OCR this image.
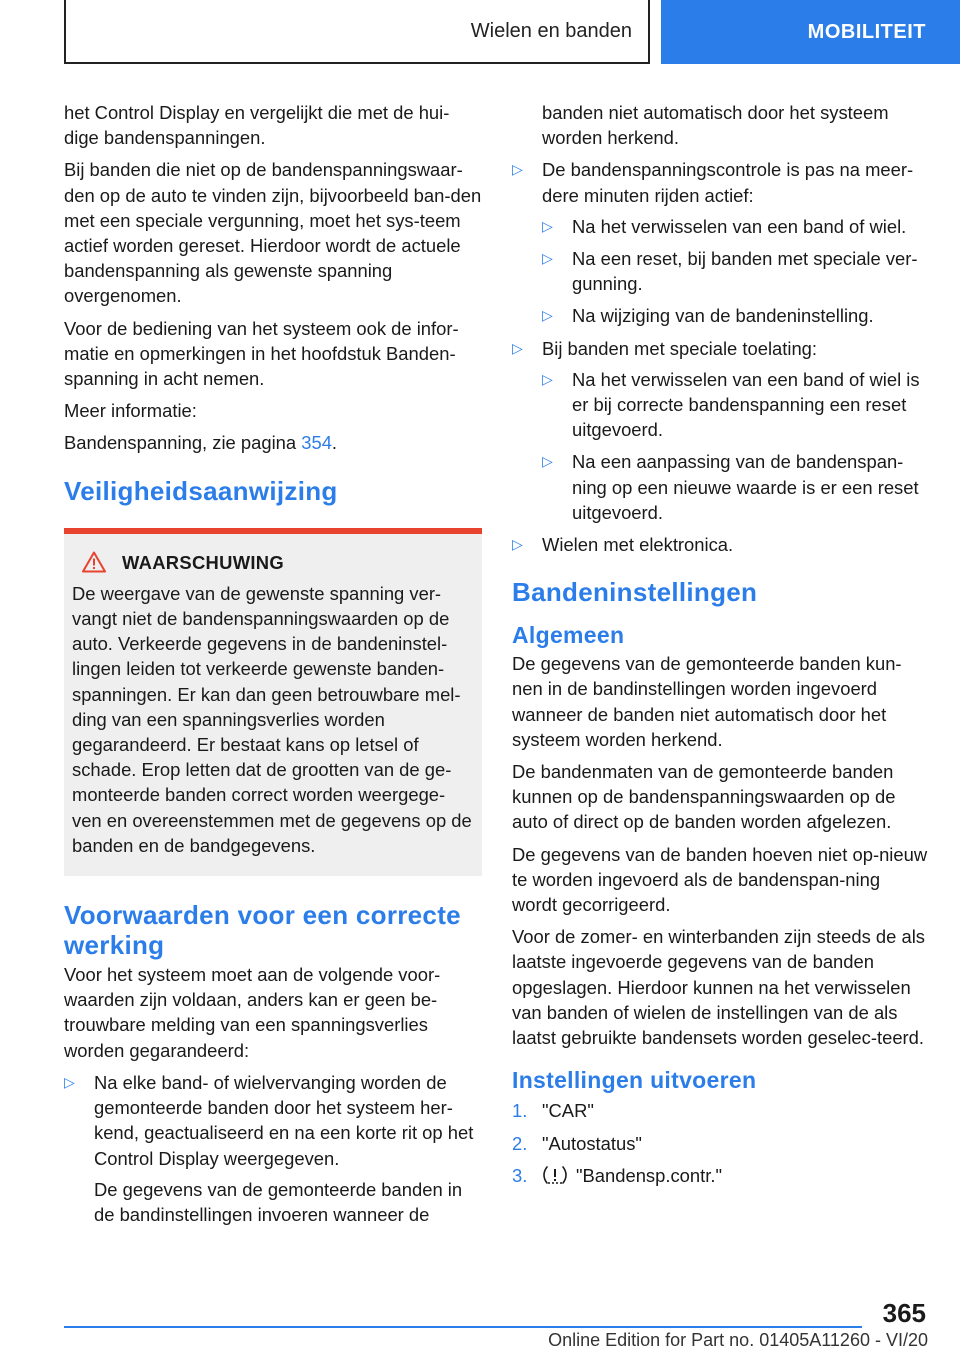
Wielen en banden	MOBILITEIT

het Control Display en vergelijkt die met de hui-dige bandenspanningen.

Bij banden die niet op de bandenspanningswaar-den op de auto te vinden zijn, bijvoorbeeld ban-den met een speciale vergunning, moet het sys-teem actief worden gereset. Hierdoor wordt de actuele bandenspanning als gewenste spanning overgenomen.

Voor de bediening van het systeem ook de infor-matie en opmerkingen in het hoofdstuk Banden-spanning in acht nemen.

Meer informatie:

Bandenspanning, zie pagina 354.

Veiligheidsaanwijzing
WAARSCHUWING

De weergave van de gewenste spanning ver-vangt niet de bandenspanningswaarden op de auto. Verkeerde gegevens in de bandeninstel-lingen leiden tot verkeerde gewenste banden-spanningen. Er kan dan geen betrouwbare mel-ding van een spanningsverlies worden gegarandeerd. Er bestaat kans op letsel of schade. Erop letten dat de grootten van de ge-monteerde banden correct worden weergege-ven en overeenstemmen met de gegevens op de banden en de bandgegevens.

Voorwaarden voor een correcte werking

Voor het systeem moet aan de volgende voor-waarden zijn voldaan, anders kan er geen be-trouwbare melding van een spanningsverlies worden gegarandeerd:

▷ Na elke band- of wielvervanging worden de gemonteerde banden door het systeem her-kend, geactualiseerd en na een korte rit op het Control Display weergegeven.

De gegevens van de gemonteerde banden in de bandinstellingen invoeren wanneer de

banden niet automatisch door het systeem worden herkend.

▷ De bandenspanningscontrole is pas na meer-dere minuten rijden actief:
▷ Na het verwisselen van een band of wiel.
▷ Na een reset, bij banden met speciale ver-gunning.
▷ Na wijziging van de bandeninstelling.
▷ Bij banden met speciale toelating:
▷ Na het verwisselen van een band of wiel is er bij correcte bandenspanning een reset uitgevoerd.
▷ Na een aanpassing van de bandenspan-ning op een nieuwe waarde is er een reset uitgevoerd.
▷ Wielen met elektronica.
Bandeninstellingen
Algemeen

De gegevens van de gemonteerde banden kun-nen in de bandinstellingen worden ingevoerd wanneer de banden niet automatisch door het systeem worden herkend.

De bandenmaten van de gemonteerde banden kunnen op de bandenspanningswaarden op de auto of direct op de banden worden afgelezen.

De gegevens van de banden hoeven niet op-nieuw te worden ingevoerd als de bandenspan-ning wordt gecorrigeerd.

Voor de zomer- en winterbanden zijn steeds de als laatste ingevoerde gegevens van de banden opgeslagen. Hierdoor kunnen na het verwisselen van banden of wielen de instellingen van de als laatst gebruikte bandensets worden geselec-teerd.

Instellingen uitvoeren
1. "CAR"
2. "Autostatus"
3.	"Bandensp.contr."
365
Online Edition for Part no. 01405A11260 - VI/20
